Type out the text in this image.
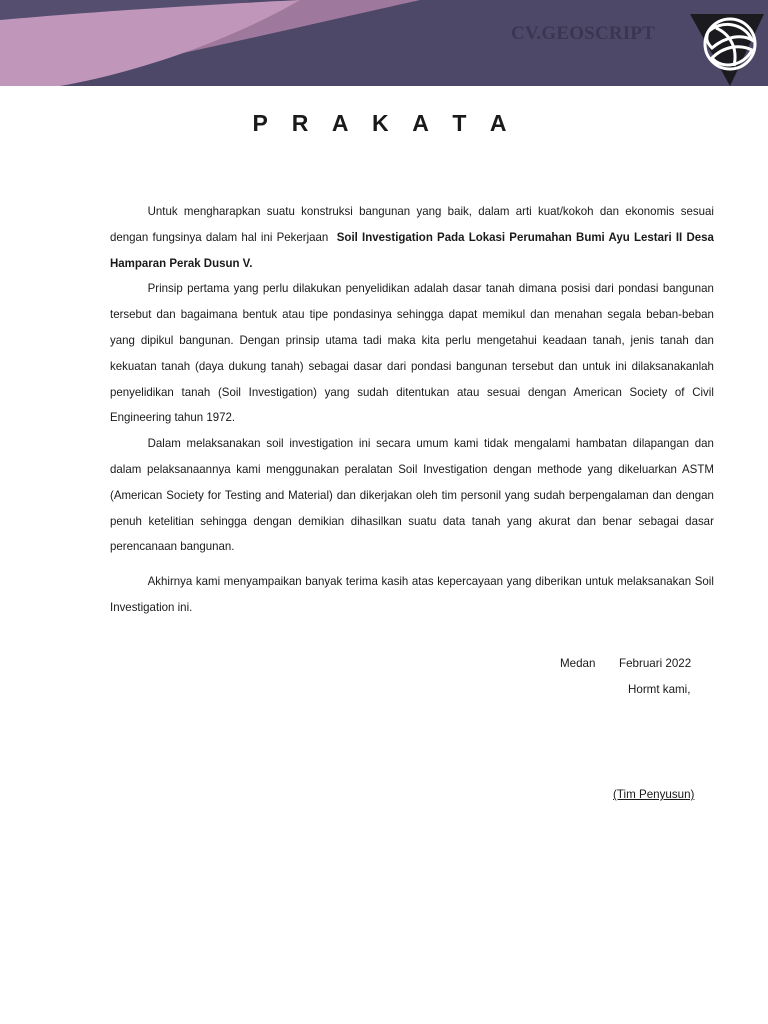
CV.GEOSCRIPT
P R A K A T A

Untuk mengharapkan suatu konstruksi bangunan yang baik, dalam arti kuat/kokoh dan ekonomis sesuai dengan fungsinya dalam hal ini Pekerjaan Soil Investigation Pada Lokasi Perumahan Bumi Ayu Lestari II Desa Hamparan Perak Dusun V.

Prinsip pertama yang perlu dilakukan penyelidikan adalah dasar tanah dimana posisi dari pondasi bangunan tersebut dan bagaimana bentuk atau tipe pondasinya sehingga dapat memikul dan menahan segala beban-beban yang dipikul bangunan. Dengan prinsip utama tadi maka kita perlu mengetahui keadaan tanah, jenis tanah dan kekuatan tanah (daya dukung tanah) sebagai dasar dari pondasi bangunan tersebut dan untuk ini dilaksanakanlah penyelidikan tanah (Soil Investigation) yang sudah ditentukan atau sesuai dengan American Society of Civil Engineering tahun 1972.

Dalam melaksanakan soil investigation ini secara umum kami tidak mengalami hambatan dilapangan dan dalam pelaksanaannya kami menggunakan peralatan Soil Investigation dengan methode yang dikeluarkan ASTM (American Society for Testing and Material) dan dikerjakan oleh tim personil yang sudah berpengalaman dan dengan penuh ketelitian sehingga dengan demikian dihasilkan suatu data tanah yang akurat dan benar sebagai dasar perencanaan bangunan.

Akhirnya kami menyampaikan banyak terima kasih atas kepercayaan yang diberikan untuk melaksanakan Soil Investigation ini.

Medan Februari 2022
Hormt kami,
(Tim Penyusun)
